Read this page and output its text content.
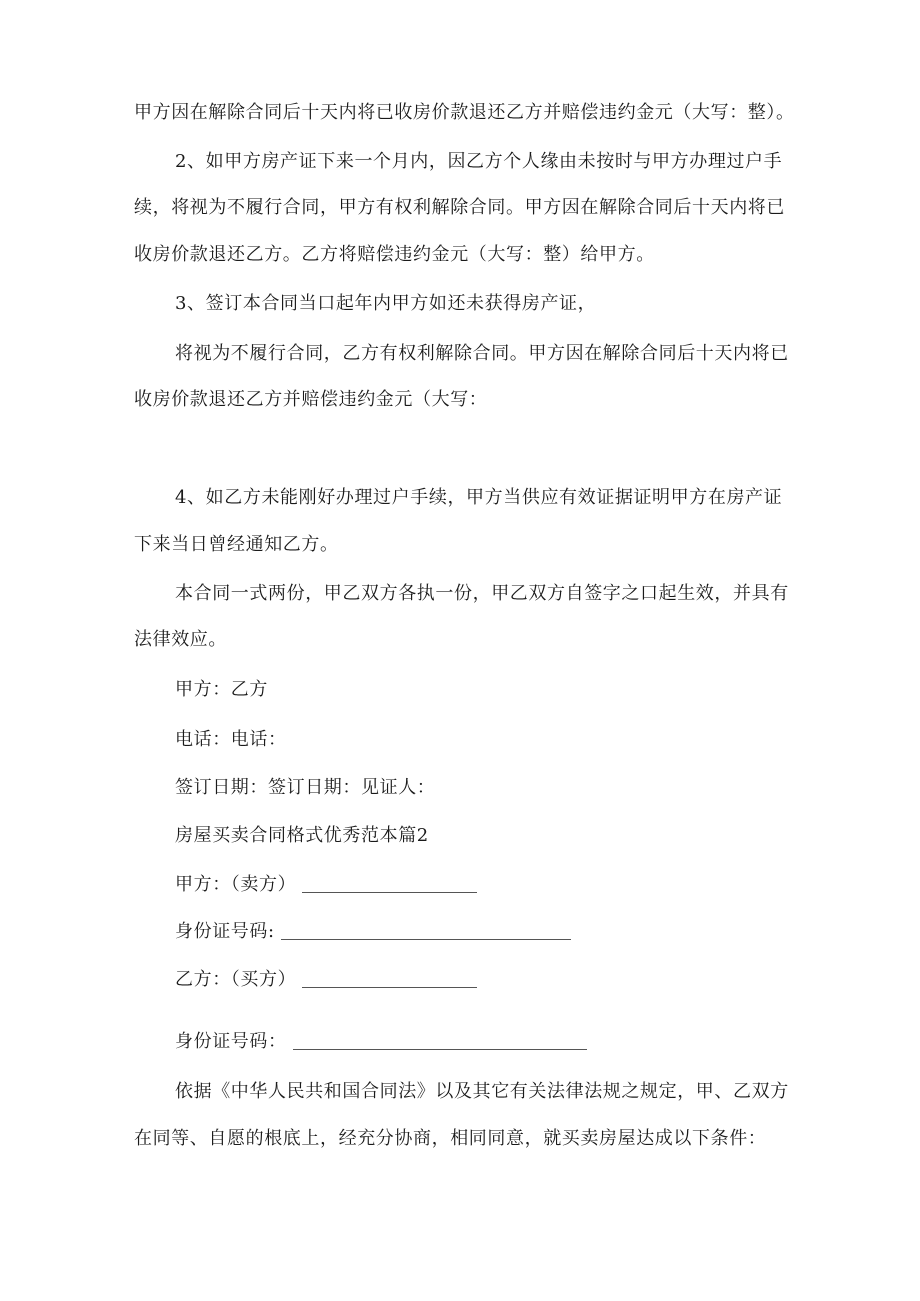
甲方因在解除合同后十天内将已收房价款退还乙方并赔偿违约金元（大写：整）。
2、如甲方房产证下来一个月内，因乙方个人缘由未按时与甲方办理过户手
续，将视为不履行合同，甲方有权利解除合同。甲方因在解除合同后十天内将已
收房价款退还乙方。乙方将赔偿违约金元（大写：整）给甲方。
3、签订本合同当口起年内甲方如还未获得房产证，
将视为不履行合同，乙方有权利解除合同。甲方因在解除合同后十天内将已
收房价款退还乙方并赔偿违约金元（大写：
4、如乙方未能刚好办理过户手续，甲方当供应有效证据证明甲方在房产证
下来当日曾经通知乙方。
本合同一式两份，甲乙双方各执一份，甲乙双方自签字之口起生效，并具有
法律效应。
甲方：乙方
电话：电话：
签订日期：签订日期：见证人：
房屋买卖合同格式优秀范本篇2
甲方：（卖方）
身份证号码:
乙方：（买方）
身份证号码：
依据《中华人民共和国合同法》以及其它有关法律法规之规定，甲、乙双方
在同等、自愿的根底上，经充分协商，相同同意，就买卖房屋达成以下条件：
